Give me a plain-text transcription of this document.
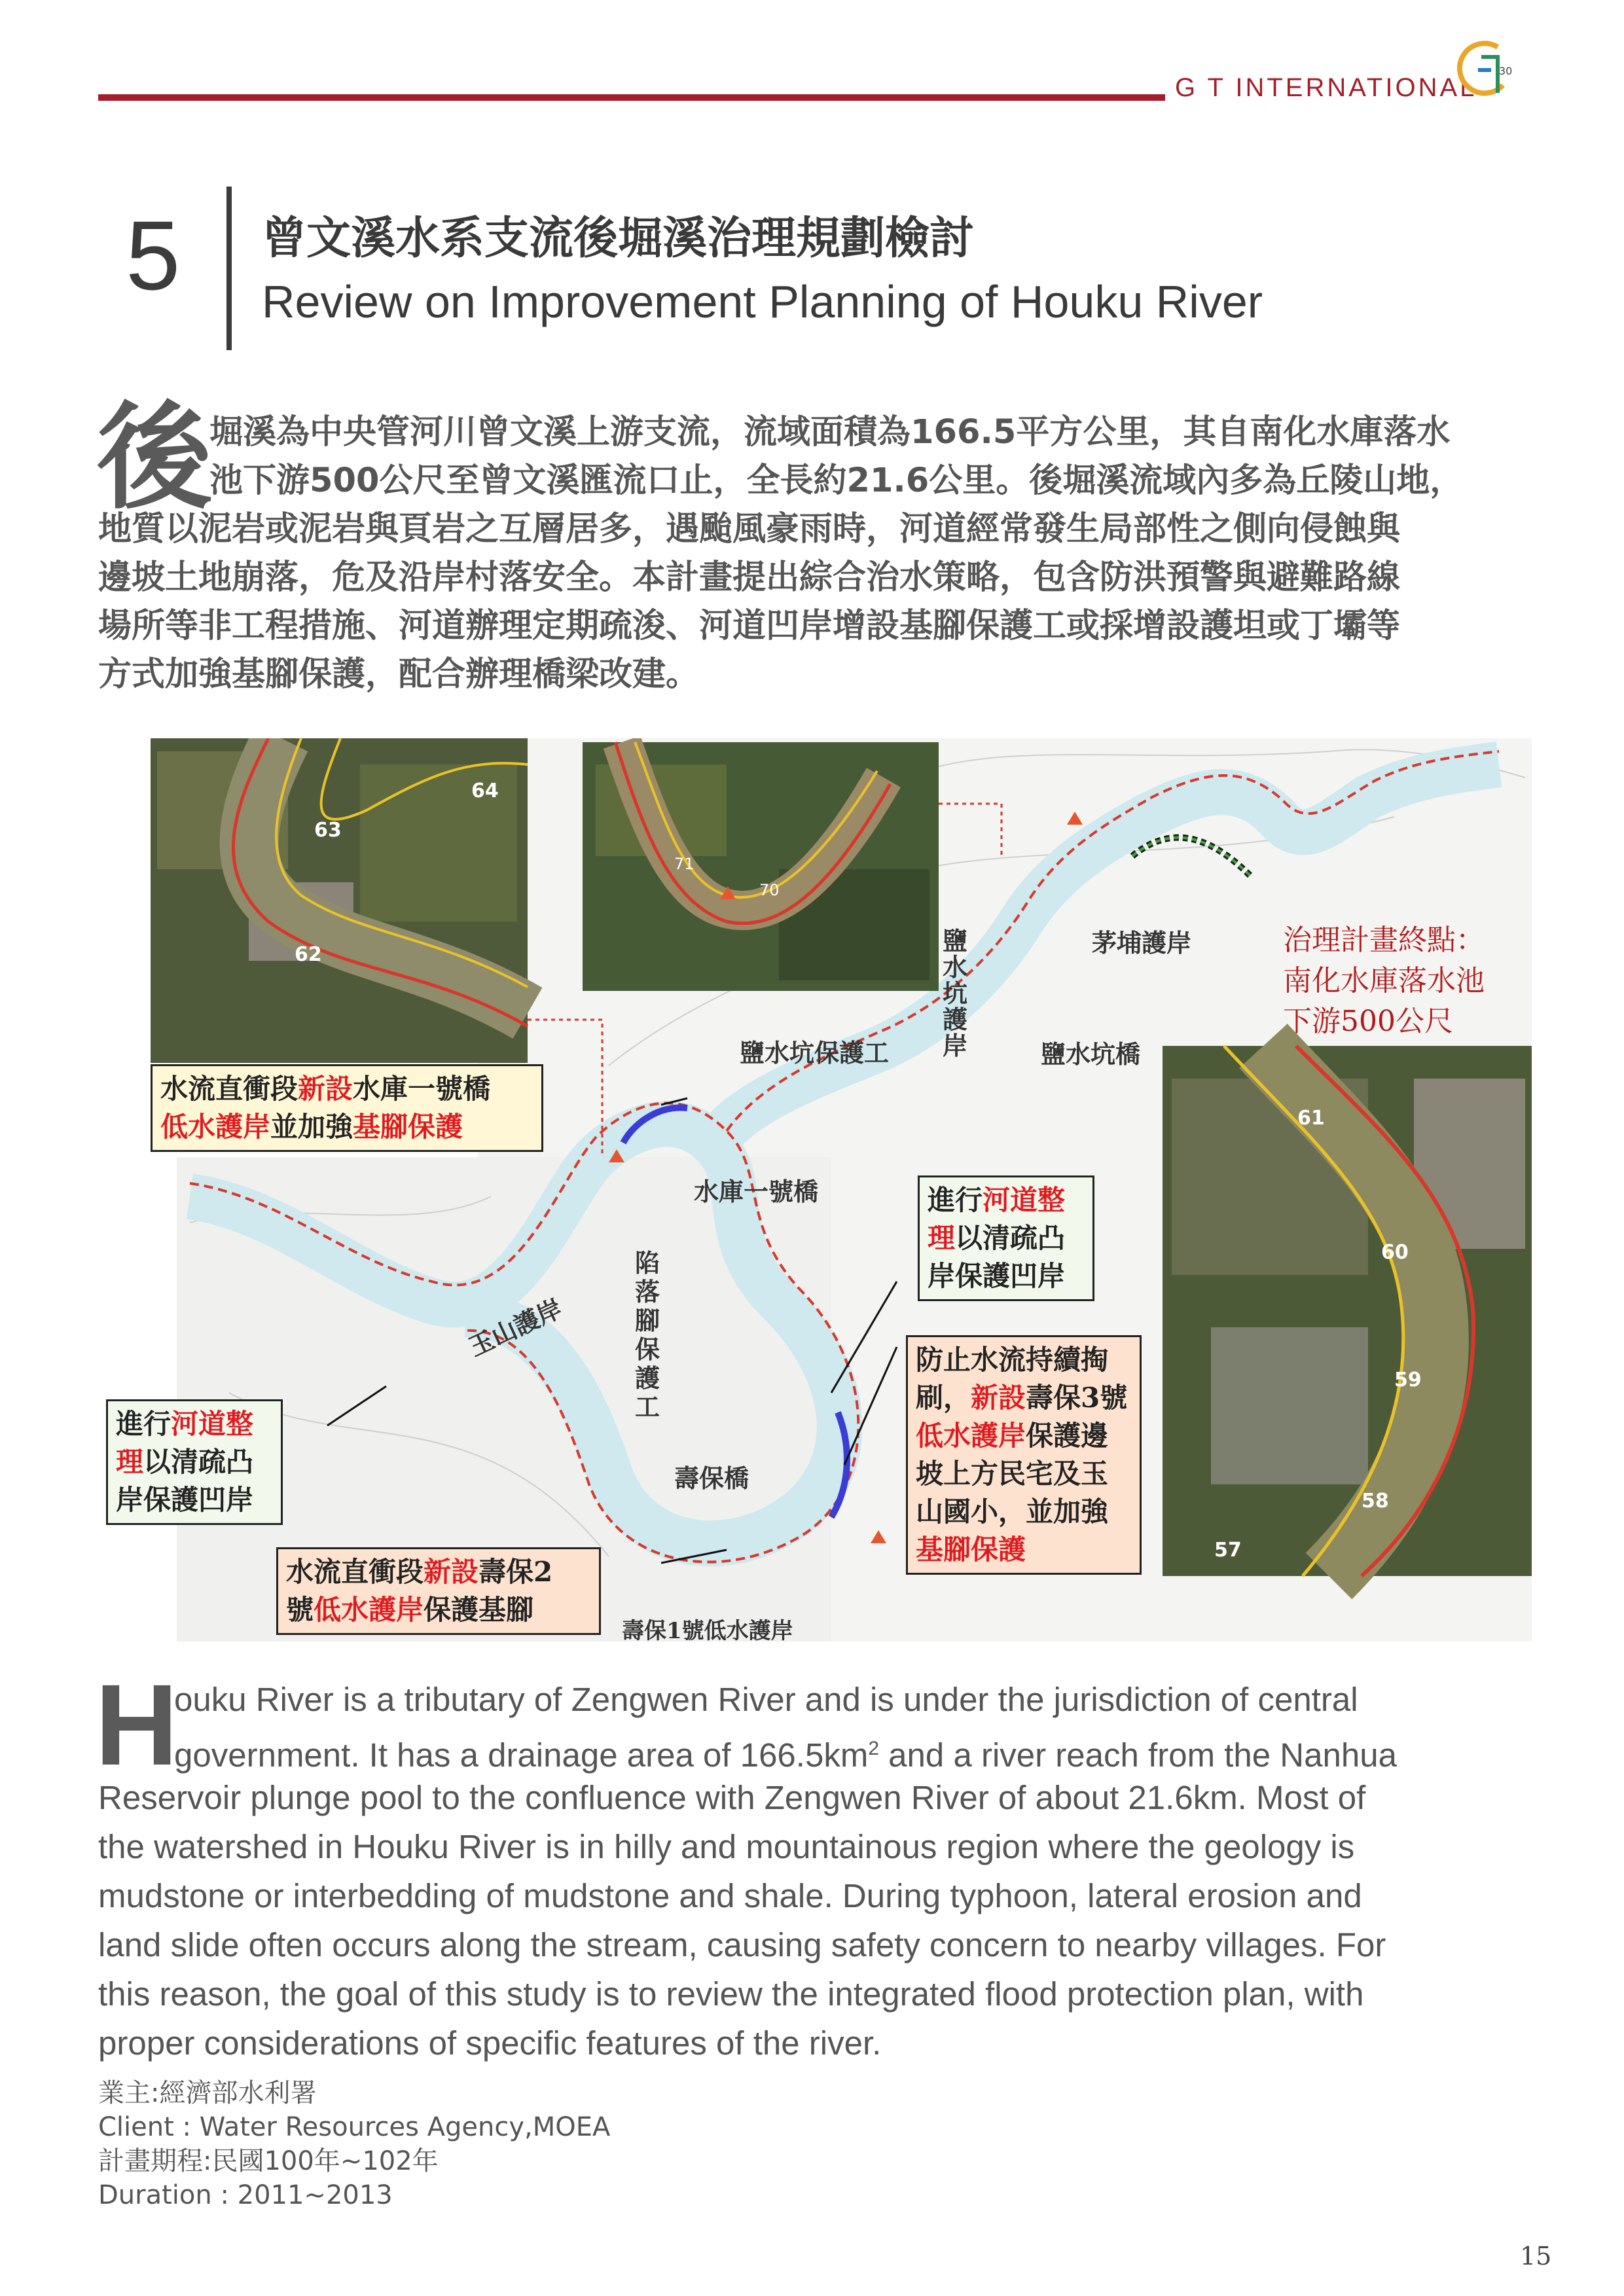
G T INTERNATIONAL
30
5 曾文溪水系支流後堀溪治理規劃檢討
Review on Improvement Planning of Houku River
後
堀溪為中央管河川曾文溪上游支流，流域面積為166.5平方公里，其自南化水庫落水
池下游500公尺至曾文溪匯流口止，全長約21.6公里。後堀溪流域內多為丘陵山地，
地質以泥岩或泥岩與頁岩之互層居多，遇颱風豪雨時，河道經常發生局部性之側向侵蝕與
邊坡土地崩落，危及沿岸村落安全。本計畫提出綜合治水策略，包含防洪預警與避難路線
場所等非工程措施、河道辦理定期疏浚、河道凹岸增設基腳保護工或採增設護坦或丁壩等
方式加強基腳保護，配合辦理橋梁改建。
64
63
62
71
70
61
60
59
58
57
治理計畫終點：
南化水庫落水池
下游500公尺
茅埔護岸
鹽水坑保護工	鹽水坑橋
鹽水坑護岸
水庫一號橋
玉山護岸
陷落腳保護工
壽保橋
壽保1號低水護岸
水流直衝段新設水庫一號橋
低水護岸並加強基腳保護
進行河道整
理以清疏凸
岸保護凹岸
進行河道整
理以清疏凸
岸保護凹岸
防止水流持續掏
刷，新設壽保3號
低水護岸保護邊
坡上方民宅及玉
山國小，並加強
基腳保護
水流直衝段新設壽保2
號低水護岸保護基腳
H
ouku River is a tributary of Zengwen River and is under the jurisdiction of central
government. It has a drainage area of $166.5km^2$ and a river reach from the Nanhua
Reservoir plunge pool to the confluence with Zengwen River of about 21.6km. Most of
the watershed in Houku River is in hilly and mountainous region where the geology is
mudstone or interbedding of mudstone and shale. During typhoon, lateral erosion and
land slide often occurs along the stream, causing safety concern to nearby villages. For
this reason, the goal of this study is to review the integrated flood protection plan, with
proper considerations of specific features of the river.
業主:經濟部水利署
Client : Water Resources Agency,MOEA
計畫期程:民國100年~102年
Duration : 2011~2013
15
